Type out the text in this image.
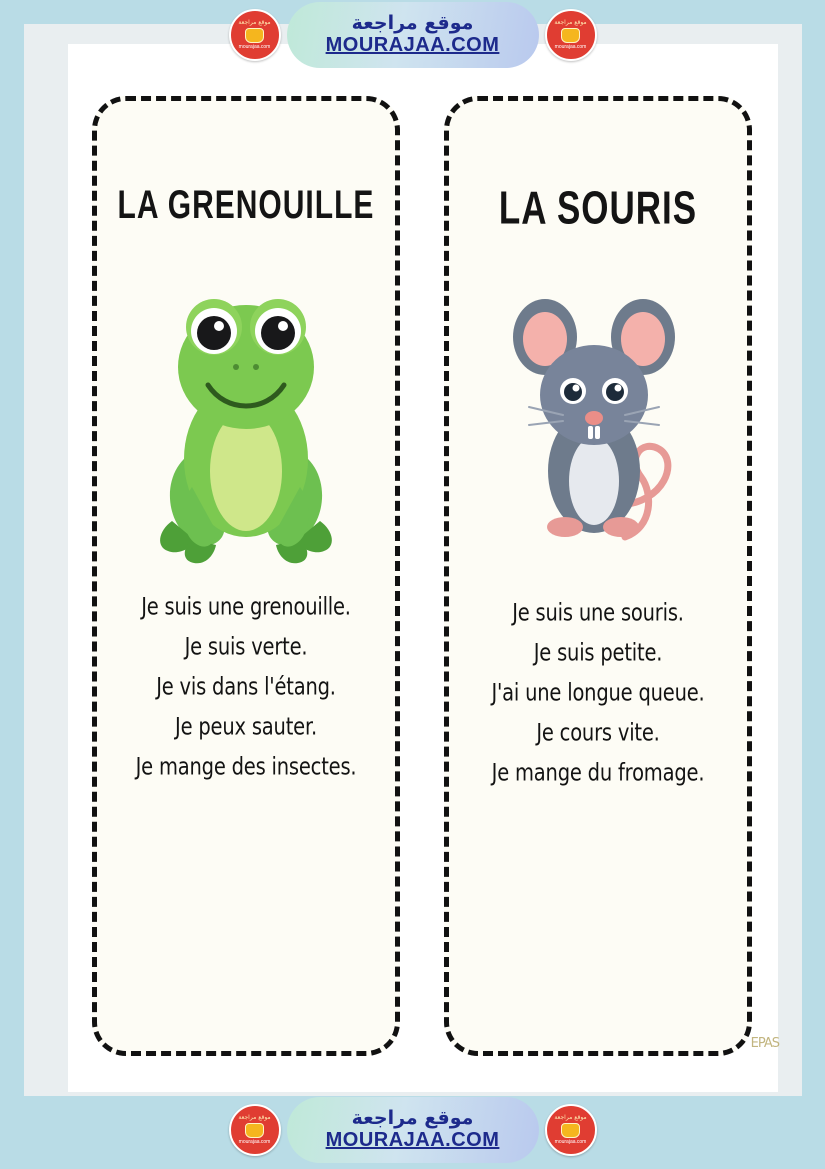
موقع مراجعة
mourajaa.com
موقع مراجعة
MOURAJAA.COM
موقع مراجعة
mourajaa.com
LA GRENOUILLE
Je suis une grenouille.
Je suis verte.
Je vis dans l'étang.
Je peux sauter.
Je mange des insectes.
LA SOURIS
Je suis une souris.
Je suis petite.
J'ai une longue queue.
Je cours vite.
Je mange du fromage.
EPAS
موقع مراجعة
mourajaa.com
موقع مراجعة
MOURAJAA.COM
موقع مراجعة
mourajaa.com
